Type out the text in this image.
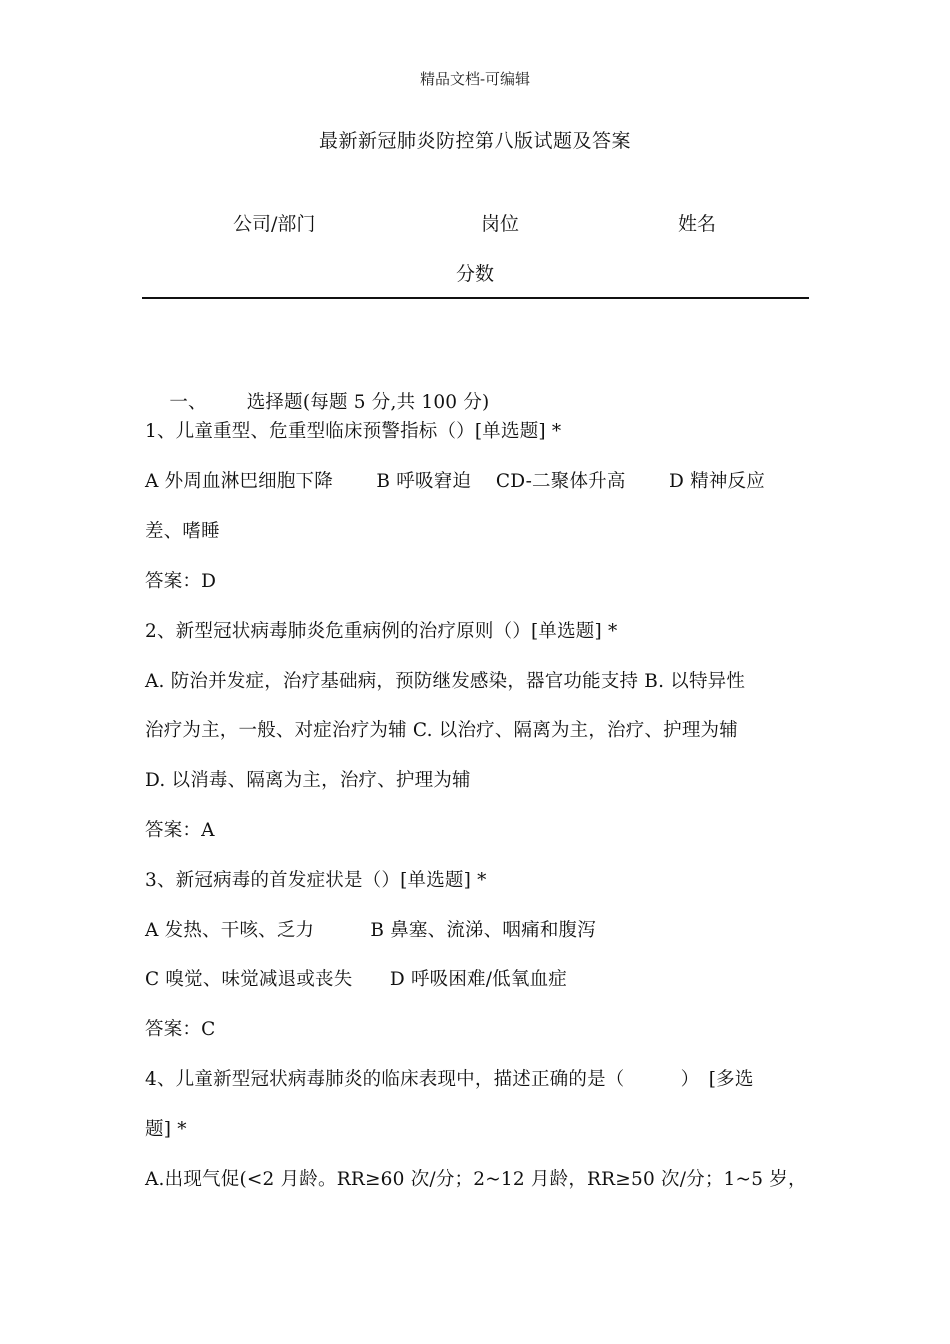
精品文档-可编辑
最新新冠肺炎防控第八版试题及答案
公司/部门	岗位	姓名
分数

一、 选择题(每题 5 分,共 100 分)

1、儿童重型、危重型临床预警指标（）[单选题] *
A 外周血淋巴细胞下降　　 B 呼吸窘迫　 CD-二聚体升高　　 D 精神反应
差、嗜睡
答案：D
2、新型冠状病毒肺炎危重病例的治疗原则（）[单选题] *
A. 防治并发症，治疗基础病，预防继发感染，器官功能支持 B. 以特异性
治疗为主，一般、对症治疗为辅 C. 以治疗、隔离为主，治疗、护理为辅
D. 以消毒、隔离为主，治疗、护理为辅
答案：A
3、新冠病毒的首发症状是（）[单选题] *
A 发热、干咳、乏力　　　B 鼻塞、流涕、咽痛和腹泻
C 嗅觉、味觉减退或丧失　　D 呼吸困难/低氧血症
答案：C
4、儿童新型冠状病毒肺炎的临床表现中，描述正确的是（　　　）　[多选
题] *
A.出现气促(<2 月龄。RR≥60 次/分；2~12 月龄，RR≥50 次/分；1~5 岁，
